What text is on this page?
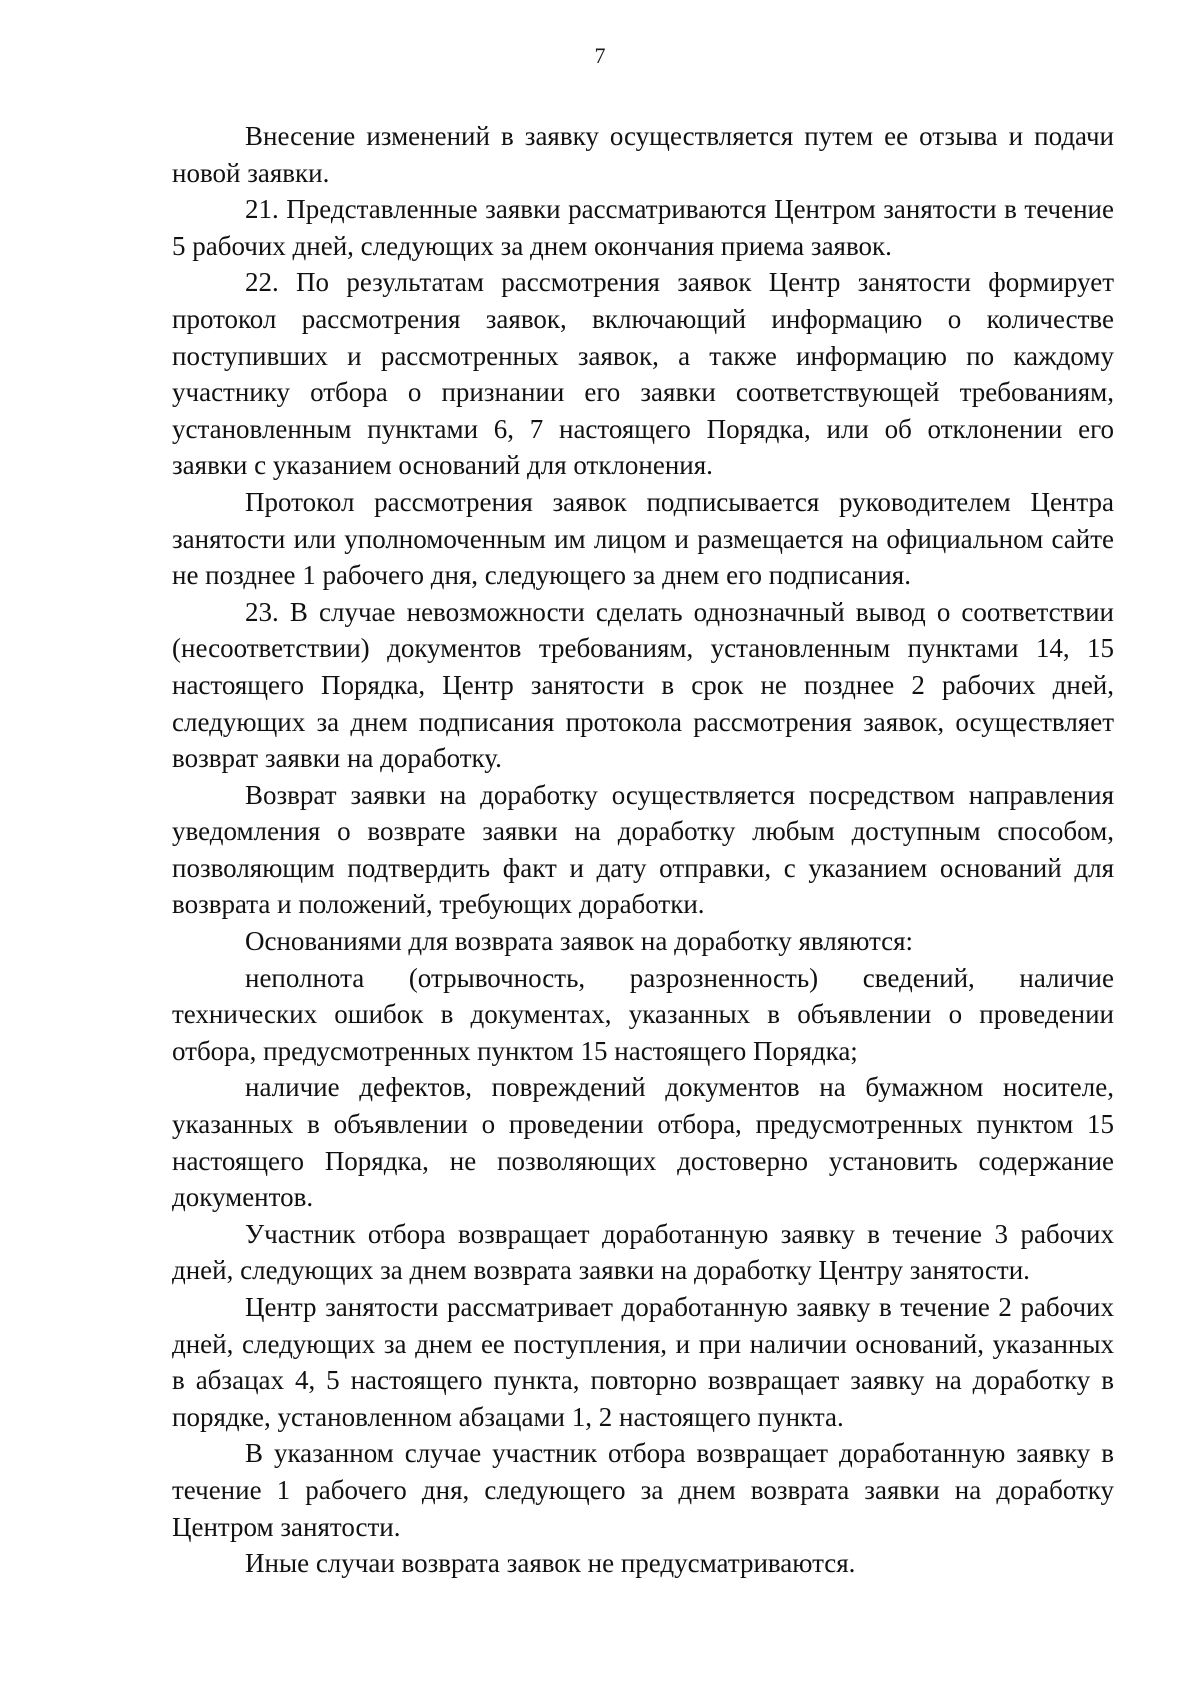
7

Внесение изменений в заявку осуществляется путем ее отзыва и подачи новой заявки.

21. Представленные заявки рассматриваются Центром занятости в течение 5 рабочих дней, следующих за днем окончания приема заявок.

22. По результатам рассмотрения заявок Центр занятости формирует протокол рассмотрения заявок, включающий информацию о количестве поступивших и рассмотренных заявок, а также информацию по каждому участнику отбора о признании его заявки соответствующей требованиям, установленным пунктами 6, 7 настоящего Порядка, или об отклонении его заявки с указанием оснований для отклонения.

Протокол рассмотрения заявок подписывается руководителем Центра занятости или уполномоченным им лицом и размещается на официальном сайте не позднее 1 рабочего дня, следующего за днем его подписания.

23. В случае невозможности сделать однозначный вывод о соответствии (несоответствии) документов требованиям, установленным пунктами 14, 15 настоящего Порядка, Центр занятости в срок не позднее 2 рабочих дней, следующих за днем подписания протокола рассмотрения заявок, осуществляет возврат заявки на доработку.

Возврат заявки на доработку осуществляется посредством направления уведомления о возврате заявки на доработку любым доступным способом, позволяющим подтвердить факт и дату отправки, с указанием оснований для возврата и положений, требующих доработки.

Основаниями для возврата заявок на доработку являются:

неполнота (отрывочность, разрозненность) сведений, наличие технических ошибок в документах, указанных в объявлении о проведении отбора, предусмотренных пунктом 15 настоящего Порядка;

наличие дефектов, повреждений документов на бумажном носителе, указанных в объявлении о проведении отбора, предусмотренных пунктом 15 настоящего Порядка, не позволяющих достоверно установить содержание документов.

Участник отбора возвращает доработанную заявку в течение 3 рабочих дней, следующих за днем возврата заявки на доработку Центру занятости.

Центр занятости рассматривает доработанную заявку в течение 2 рабочих дней, следующих за днем ее поступления, и при наличии оснований, указанных в абзацах 4, 5 настоящего пункта, повторно возвращает заявку на доработку в порядке, установленном абзацами 1, 2 настоящего пункта.

В указанном случае участник отбора возвращает доработанную заявку в течение 1 рабочего дня, следующего за днем возврата заявки на доработку Центром занятости.

Иные случаи возврата заявок не предусматриваются.
